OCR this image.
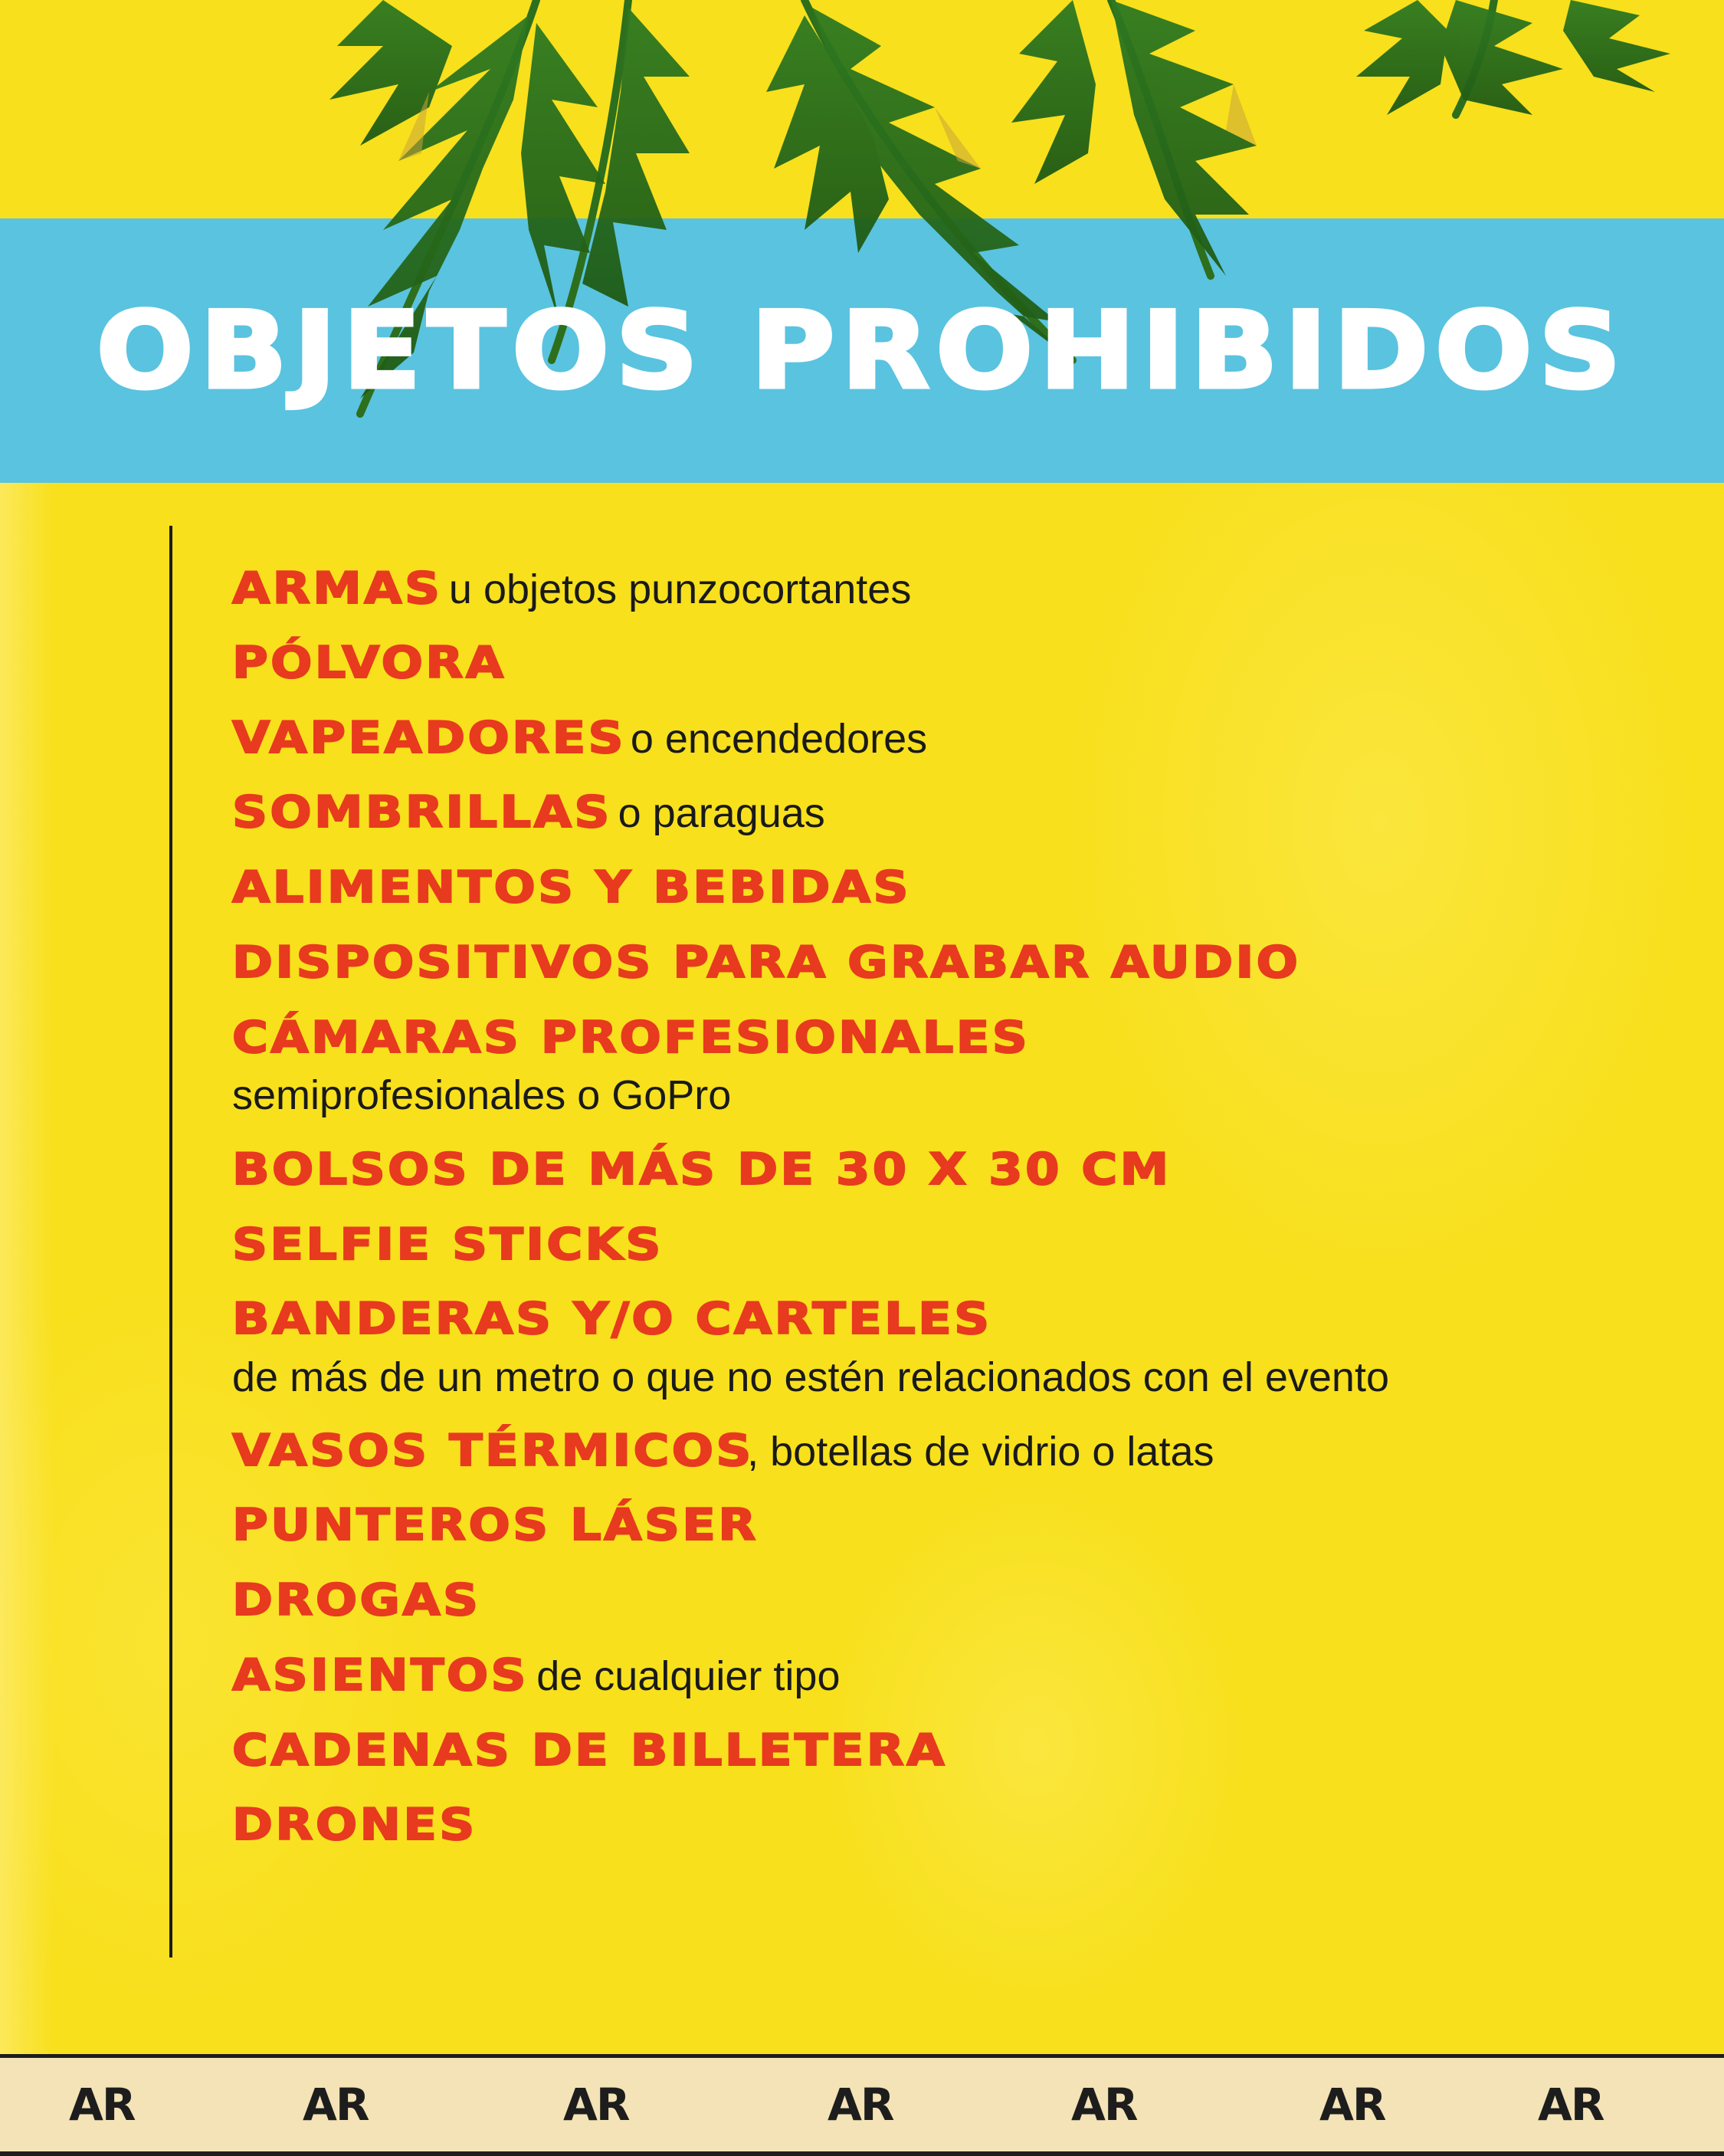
OBJETOS PROHIBIDOS
ARMAS u objetos punzocortantes
PÓLVORA
VAPEADORES o encendedores
SOMBRILLAS o paraguas
ALIMENTOS Y BEBIDAS
DISPOSITIVOS PARA GRABAR AUDIO
CÁMARAS PROFESIONALES
semiprofesionales o GoPro
BOLSOS DE MÁS DE 30 X 30 CM
SELFIE STICKS
BANDERAS Y/O CARTELES
de más de un metro o que no estén relacionados con el evento
VASOS TÉRMICOS, botellas de vidrio o latas
PUNTEROS LÁSER
DROGAS
ASIENTOS de cualquier tipo
CADENAS DE BILLETERA
DRONES
AR	AR	AR	AR	AR	AR	AR
